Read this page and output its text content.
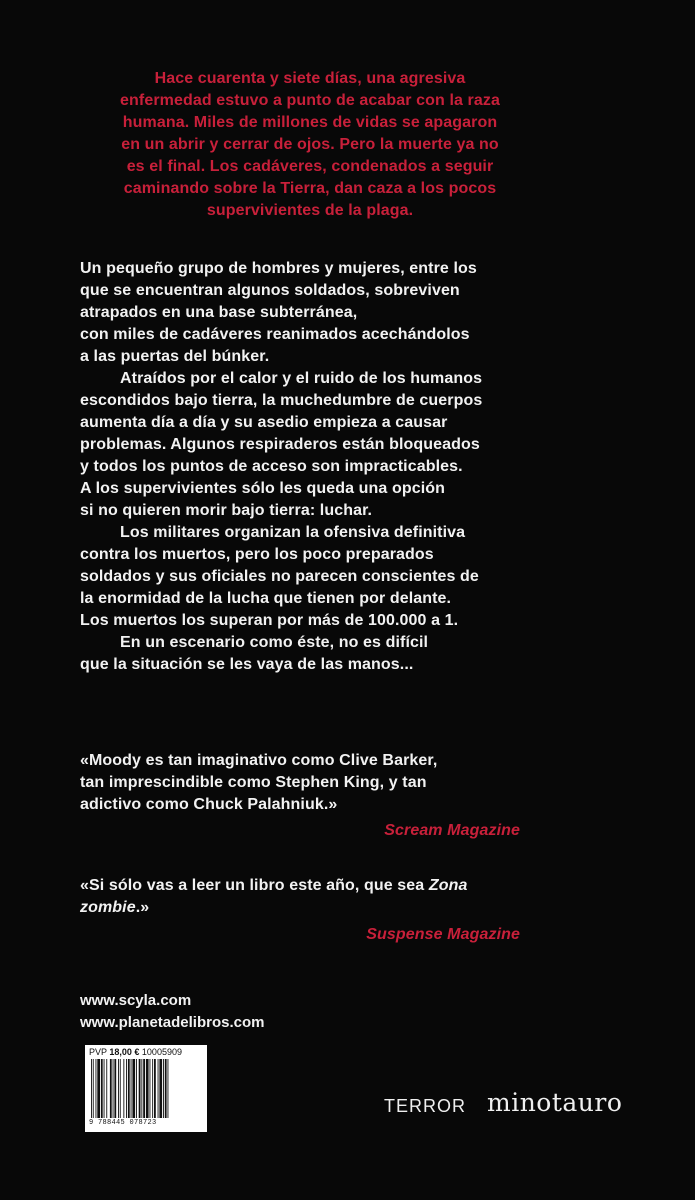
Hace cuarenta y siete días, una agresiva
enfermedad estuvo a punto de acabar con la raza
humana. Miles de millones de vidas se apagaron
en un abrir y cerrar de ojos. Pero la muerte ya no
es el final. Los cadáveres, condenados a seguir
caminando sobre la Tierra, dan caza a los pocos
supervivientes de la plaga.
Un pequeño grupo de hombres y mujeres, entre los
que se encuentran algunos soldados, sobreviven
atrapados en una base subterránea,
con miles de cadáveres reanimados acechándolos
a las puertas del búnker.
Atraídos por el calor y el ruido de los humanos
escondidos bajo tierra, la muchedumbre de cuerpos
aumenta día a día y su asedio empieza a causar
problemas. Algunos respiraderos están bloqueados
y todos los puntos de acceso son impracticables.
A los supervivientes sólo les queda una opción
si no quieren morir bajo tierra: luchar.
Los militares organizan la ofensiva definitiva
contra los muertos, pero los poco preparados
soldados y sus oficiales no parecen conscientes de
la enormidad de la lucha que tienen por delante.
Los muertos los superan por más de 100.000 a 1.
En un escenario como éste, no es difícil
que la situación se les vaya de las manos...
«Moody es tan imaginativo como Clive Barker,
tan imprescindible como Stephen King, y tan
adictivo como Chuck Palahniuk.»
Scream Magazine
«Si sólo vas a leer un libro este año, que sea Zona
zombie.»
Suspense Magazine
www.scyla.com
www.planetadelibros.com
PVP 18,00 € 10005909
9 788445 078723
TERROR minotauro
